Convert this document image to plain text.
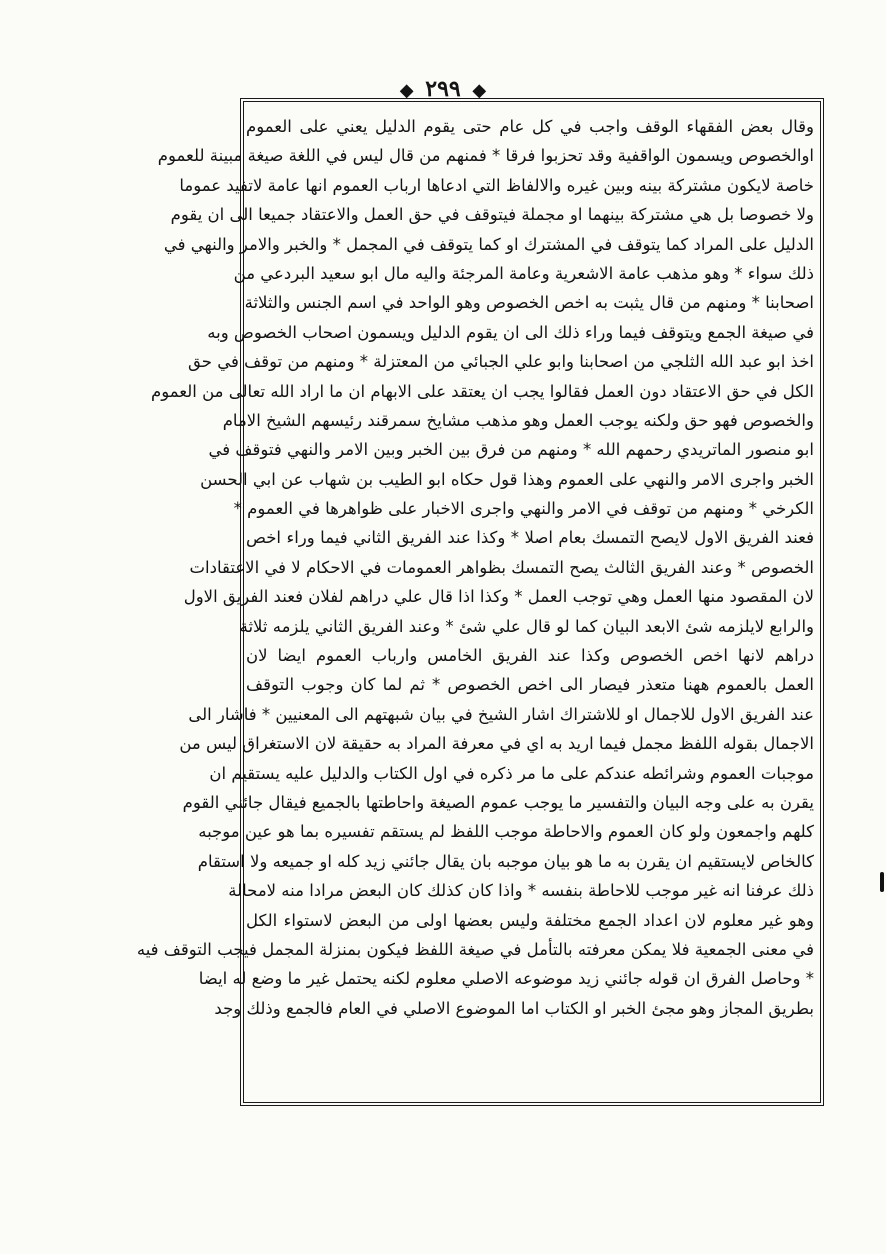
◆ ٢٩٩ ◆
وقال بعض الفقهاء الوقف واجب في كل عام حتى يقوم الدليل يعني على العموم
اوالخصوص ويسمون الواقفية وقد تحزبوا فرقا * فمنهم من قال ليس في اللغة صيغة مبينة للعموم
خاصة لايكون مشتركة بينه وبين غيره والالفاظ التي ادعاها ارباب العموم انها عامة لاتفيد عموما
ولا خصوصا بل هي مشتركة بينهما او مجملة فيتوقف في حق العمل والاعتقاد جميعا الى ان يقوم
الدليل على المراد كما يتوقف في المشترك او كما يتوقف في المجمل * والخبر والامر والنهي في
ذلك سواء * وهو مذهب عامة الاشعرية وعامة المرجئة واليه مال ابو سعيد البردعي من
اصحابنا * ومنهم من قال يثبت به اخص الخصوص وهو الواحد في اسم الجنس والثلاثة
في صيغة الجمع ويتوقف فيما وراء ذلك الى ان يقوم الدليل ويسمون اصحاب الخصوص وبه
اخذ ابو عبد الله الثلجي من اصحابنا وابو علي الجبائي من المعتزلة * ومنهم من توقف في حق
الكل في حق الاعتقاد دون العمل فقالوا يجب ان يعتقد على الابهام ان ما اراد الله تعالى من العموم
والخصوص فهو حق ولكنه يوجب العمل وهو مذهب مشايخ سمرقند رئيسهم الشيخ الامام
ابو منصور الماتريدي رحمهم الله * ومنهم من فرق بين الخبر وبين الامر والنهي فتوقف في
الخبر واجرى الامر والنهي على العموم وهذا قول حكاه ابو الطيب بن شهاب عن ابي الحسن
الكرخي * ومنهم من توقف في الامر والنهي واجرى الاخبار على ظواهرها في العموم *
فعند الفريق الاول لايصح التمسك بعام اصلا * وكذا عند الفريق الثاني فيما وراء اخص
الخصوص * وعند الفريق الثالث يصح التمسك بظواهر العمومات في الاحكام لا في الاعتقادات
لان المقصود منها العمل وهي توجب العمل * وكذا اذا قال علي دراهم لفلان فعند الفريق الاول
والرابع لايلزمه شئ الابعد البيان كما لو قال علي شئ * وعند الفريق الثاني يلزمه ثلاثة
دراهم لانها اخص الخصوص وكذا عند الفريق الخامس وارباب العموم ايضا لان
العمل بالعموم ههنا متعذر فيصار الى اخص الخصوص * ثم لما كان وجوب التوقف
عند الفريق الاول للاجمال او للاشتراك اشار الشيخ في بيان شبهتهم الى المعنيين * فاشار الى
الاجمال بقوله اللفظ مجمل فيما اريد به اي في معرفة المراد به حقيقة لان الاستغراق ليس من
موجبات العموم وشرائطه عندكم على ما مر ذكره في اول الكتاب والدليل عليه يستقيم ان
يقرن به على وجه البيان والتفسير ما يوجب عموم الصيغة واحاطتها بالجميع فيقال جائني القوم
كلهم واجمعون ولو كان العموم والاحاطة موجب اللفظ لم يستقم تفسيره بما هو عين موجبه
كالخاص لايستقيم ان يقرن به ما هو بيان موجبه بان يقال جائني زيد كله او جميعه ولا استقام
ذلك عرفنا انه غير موجب للاحاطة بنفسه * واذا كان كذلك كان البعض مرادا منه لامحالة
وهو غير معلوم لان اعداد الجمع مختلفة وليس بعضها اولى من البعض لاستواء الكل
في معنى الجمعية فلا يمكن معرفته بالتأمل في صيغة اللفظ فيكون بمنزلة المجمل فيجب التوقف فيه
* وحاصل الفرق ان قوله جائني زيد موضوعه الاصلي معلوم لكنه يحتمل غير ما وضع له ايضا
بطريق المجاز وهو مجئ الخبر او الكتاب اما الموضوع الاصلي في العام فالجمع وذلك وجد
